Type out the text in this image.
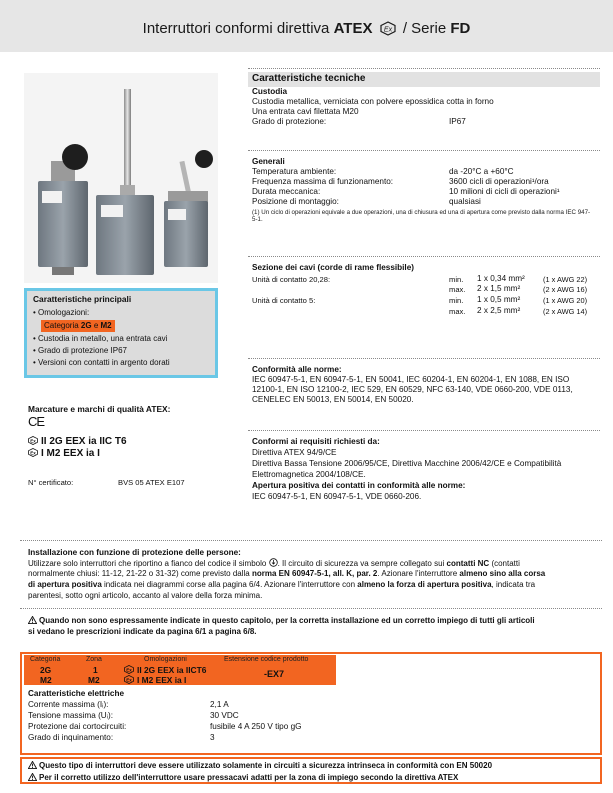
Interruttori conformi direttiva ATEX Ex / Serie FD
Caratteristiche principali
• Omologazioni:
Categoria 2G e M2
• Custodia in metallo, una entrata cavi
• Grado di protezione IP67
• Versioni con contatti in argento dorati
Marcature e marchi di qualità ATEX:
CE
Ex II 2G EEX ia IIC T6
Ex I M2 EEX ia I
N° certificato:	BVS 05 ATEX E107
Caratteristiche tecniche
Custodia
Custodia metallica, verniciata con polvere epossidica cotta in forno
Una entrata cavi filettata M20
Grado di protezione:	IP67
Generali
Temperatura ambiente:	da -20°C a +60°C
Frequenza massima di funzionamento:	3600 cicli di operazioni¹/ora
Durata meccanica:	10 milioni di cicli di operazioni¹
Posizione di montaggio:	qualsiasi
(1) Un ciclo di operazioni equivale a due operazioni, una di chiusura ed una di apertura come previsto dalla norma IEC 947-5-1.
Sezione dei cavi (corde di rame flessibile)
Unità di contatto 20,28:	min. 1 x 0,34 mm² (1 x AWG 22)
max. 2 x 1,5 mm²	(2 x AWG 16)
Unità di contatto 5:	min. 1 x 0,5 mm²	(1 x AWG 20)
max. 2 x 2,5 mm²	(2 x AWG 14)
Conformità alle norme:
IEC 60947-5-1, EN 60947-5-1, EN 50041, IEC 60204-1, EN 60204-1, EN 1088, EN ISO
12100-1, EN ISO 12100-2, IEC 529, EN 60529, NFC 63-140, VDE 0660-200, VDE 0113,
CENELEC EN 50013, EN 50014, EN 50020.
Conformi ai requisiti richiesti da:
Direttiva ATEX 94/9/CE
Direttiva Bassa Tensione 2006/95/CE, Direttiva Macchine 2006/42/CE e Compatibilità
Elettromagnetica 2004/108/CE.
Apertura positiva dei contatti in conformità alle norme:
IEC 60947-5-1, EN 60947-5-1, VDE 0660-206.
Installazione con funzione di protezione delle persone:
Utilizzare solo interruttori che riportino a fianco del codice il simbolo . Il circuito di sicurezza va sempre collegato sui contatti NC (contatti
normalmente chiusi: 11-12, 21-22 o 31-32) come previsto dalla norma EN 60947-5-1, all. K, par. 2. Azionare l'interruttore almeno sino alla corsa
di apertura positiva indicata nei diagrammi corse alla pagina 6/4. Azionare l'interruttore con almeno la forza di apertura positiva, indicata tra
parentesi, sotto ogni articolo, accanto al valore della forza minima.
Quando non sono espressamente indicate in questo capitolo, per la corretta installazione ed un corretto impiego di tutti gli articoli
si vedano le prescrizioni indicate da pagina 6/1 a pagina 6/8.
Categoria	Zona	Omologazioni	Estensione codice prodotto
2G	1	Ex II 2G EEX ia IICT6
M2	M2	Ex I M2 EEX ia I
-EX7
Caratteristiche elettriche
Corrente massima (Iᵢ):	2,1 A
Tensione massima (Uᵢ):	30 VDC
Protezione dai cortocircuiti:	fusibile 4 A 250 V tipo gG
Grado di inquinamento:	3
Questo tipo di interruttori deve essere utilizzato solamente in circuiti a sicurezza intrinseca in conformità con EN 50020
Per il corretto utilizzo dell'interruttore usare pressacavi adatti per la zona di impiego secondo la direttiva ATEX
